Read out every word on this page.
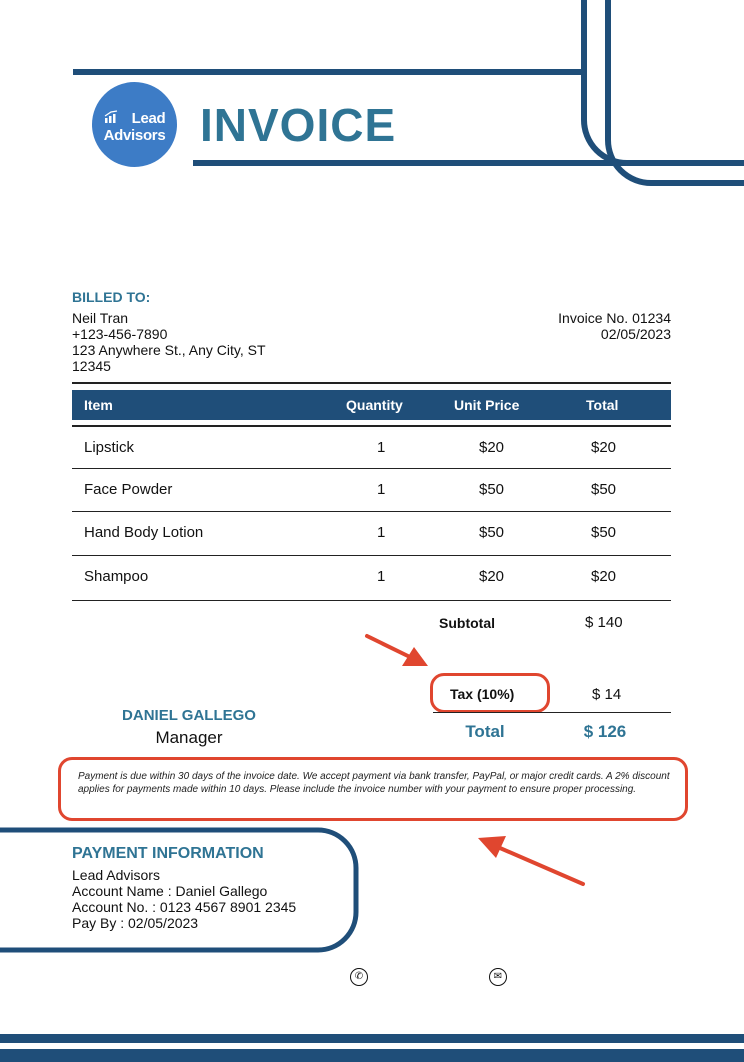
Lead
Advisors INVOICE
BILLED TO:
Neil Tran
+123-456-7890
123 Anywhere St., Any City, ST
12345
Invoice No. 01234
02/05/2023
Item	Quantity	Unit Price	Total
Lipstick	1	$20	$20
Face Powder	1	$50	$50
Hand Body Lotion	1	$50	$50
Shampoo	1	$20	$20
Subtotal	$ 140
Tax (10%)	$ 14
DANIEL GALLEGO
Manager	Total	$ 126
Payment is due within 30 days of the invoice date. We accept payment via bank transfer, PayPal, or major credit cards. A 2% discount applies for payments made within 10 days. Please include the invoice number with your payment to ensure proper processing.
PAYMENT INFORMATION
Lead Advisors
Account Name : Daniel Gallego
Account No. : 0123 4567 8901 2345
Pay By : 02/05/2023
✆	✉
